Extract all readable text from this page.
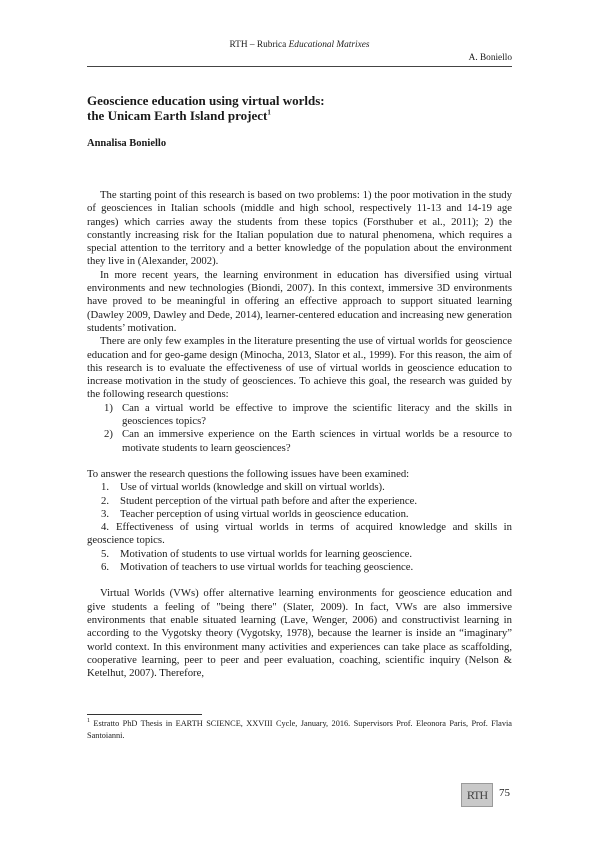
RTH – Rubrica Educational Matrixes
A. Boniello
Geoscience education using virtual worlds:
the Unicam Earth Island project$^1$
Annalisa Boniello

The starting point of this research is based on two problems: 1) the poor motivation in the study of geosciences in Italian schools (middle and high school, respectively 11-13 and 14-19 age ranges) which carries away the students from these topics (Forsthuber et al., 2011); 2) the constantly increasing risk for the Italian population due to natural phenomena, which requires a special attention to the territory and a better knowledge of the population about the environment they live in (Alexander, 2002).

In more recent years, the learning environment in education has diversified using virtual environments and new technologies (Biondi, 2007). In this context, immersive 3D environments have proved to be meaningful in offering an effective approach to support situated learning (Dawley 2009, Dawley and Dede, 2014), learner-centered education and increasing new generation students’ motivation.

There are only few examples in the literature presenting the use of virtual worlds for geoscience education and for geo-game design (Minocha, 2013, Slator et al., 1999). For this reason, the aim of this research is to evaluate the effectiveness of use of virtual worlds in geoscience education to increase motivation in the study of geosciences. To achieve this goal, the research was guided by the following research questions:

1) Can a virtual world be effective to improve the scientific literacy and the skills in geosciences topics?
2) Can an immersive experience on the Earth sciences in virtual worlds be a resource to motivate students to learn geosciences?

To answer the research questions the following issues have been examined:

1. Use of virtual worlds (knowledge and skill on virtual worlds).
2. Student perception of the virtual path before and after the experience.
3. Teacher perception of using virtual worlds in geoscience education.
4. Effectiveness of using virtual worlds in terms of acquired knowledge and skills in geoscience topics.
5. Motivation of students to use virtual worlds for learning geoscience.
6. Motivation of teachers to use virtual worlds for teaching geoscience.

Virtual Worlds (VWs) offer alternative learning environments for geoscience education and give students a feeling of "being there" (Slater, 2009). In fact, VWs are also immersive environments that enable situated learning (Lave, Wenger, 2006) and constructivist learning in according to the Vygotsky theory (Vygotsky, 1978), because the learner is inside an “imaginary” world context. In this environment many activities and experiences can take place as scaffolding, cooperative learning, peer to peer and peer evaluation, coaching, scientific inquiry (Nelson & Ketelhut, 2007). Therefore,

$^1$ Estratto PhD Thesis in EARTH SCIENCE, XXVIII Cycle, January, 2016. Supervisors Prof. Eleonora Paris, Prof. Flavia Santoianni.
RTH	75
